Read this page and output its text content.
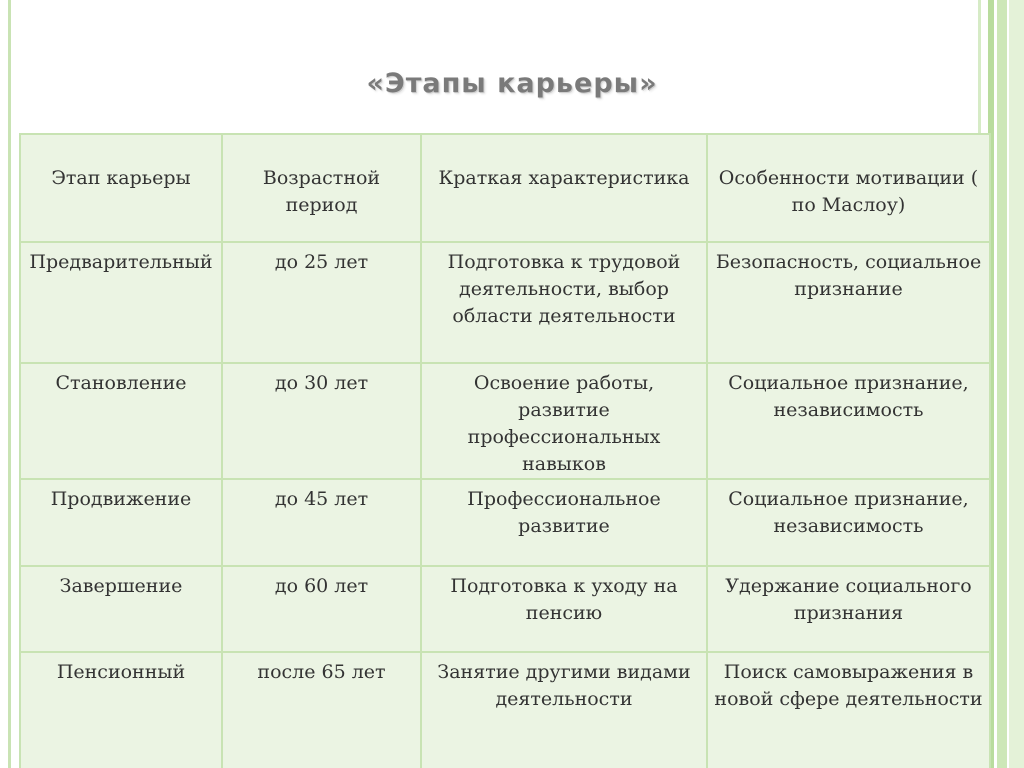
«Этапы карьеры»
Этап карьеры	Возрастной период	Краткая характеристика	Особенности мотивации ( по Маслоу)
Предварительный	до 25 лет	Подготовка к трудовой деятельности, выбор области деятельности	Безопасность, социальное признание
Становление	до 30 лет	Освоение работы, развитие профессиональных навыков	Социальное признание, независимость
Продвижение	до 45 лет	Профессиональное развитие	Социальное признание, независимость
Завершение	до 60 лет	Подготовка к уходу на пенсию	Удержание социального признания
Пенсионный	после 65 лет	Занятие другими видами деятельности	Поиск самовыражения в новой сфере деятельности
